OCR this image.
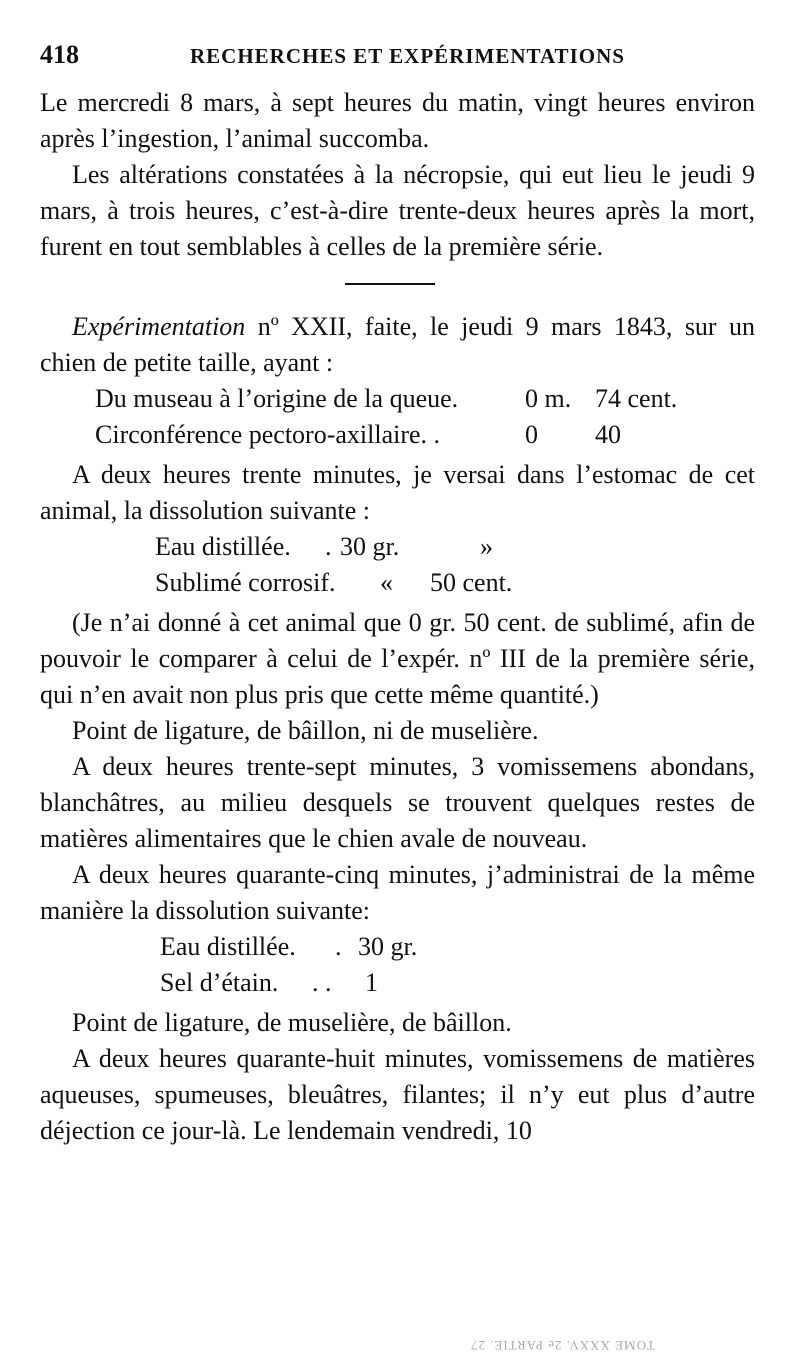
418	RECHERCHES ET EXPÉRIMENTATIONS

Le mercredi 8 mars, à sept heures du matin, vingt heures environ après l’ingestion, l’animal succomba.

Les altérations constatées à la nécropsie, qui eut lieu le jeudi 9 mars, à trois heures, c’est-à-dire trente-deux heures après la mort, furent en tout semblables à celles de la première série.

Expérimentation nº XXII, faite, le jeudi 9 mars 1843, sur un chien de petite taille, ayant :

Du museau à l’origine de la queue.	0 m. 74 cent.
Circonférence pectoro-axillaire. .	0 40

A deux heures trente minutes, je versai dans l’estomac de cet animal, la dissolution suivante :

Eau distillée. . 30 gr.	»
Sublimé corrosif. « 50 cent.

(Je n’ai donné à cet animal que 0 gr. 50 cent. de sublimé, afin de pouvoir le comparer à celui de l’expér. nº III de la première série, qui n’en avait non plus pris que cette même quantité.)

Point de ligature, de bâillon, ni de muselière.

A deux heures trente-sept minutes, 3 vomissemens abondans, blanchâtres, au milieu desquels se trouvent quelques restes de matières alimentaires que le chien avale de nouveau.

A deux heures quarante-cinq minutes, j’administrai de la même manière la dissolution suivante:

Eau distillée. . 30 gr.
Sel d’étain. . . 1

Point de ligature, de muselière, de bâillon.

A deux heures quarante-huit minutes, vomissemens de matières aqueuses, spumeuses, bleuâtres, filantes; il n’y eut plus d’autre déjection ce jour-là. Le lendemain vendredi, 10

TOME XXXV. 2e PARTIE. 27
